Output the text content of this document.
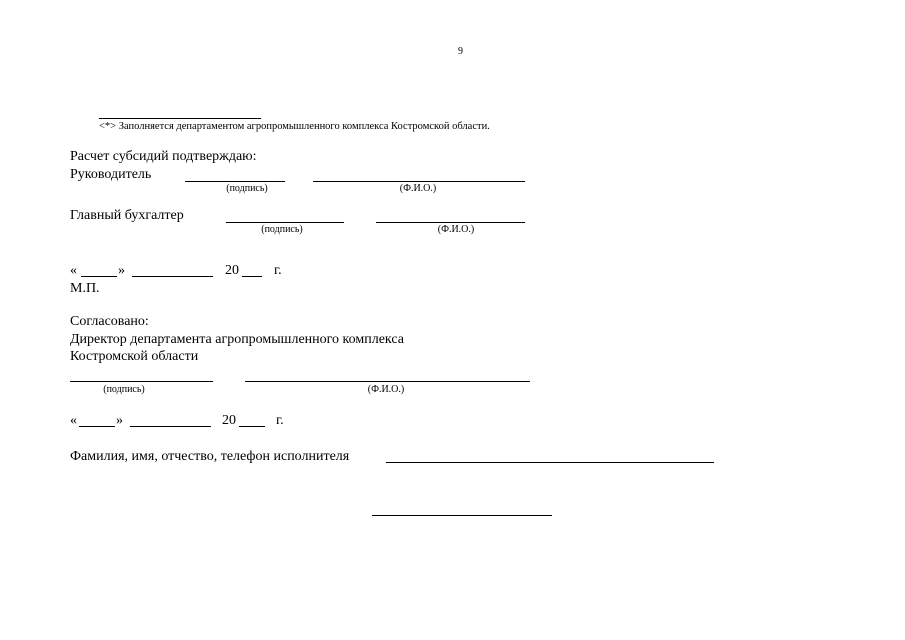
9
<*> Заполняется департаментом агропромышленного комплекса Костромской области.
Расчет субсидий подтверждаю:
Руководитель
(подпись)	(Ф.И.О.)
Главный бухгалтер
(подпись)	(Ф.И.О.)
«	»	20	г.
М.П.
Согласовано:
Директор департамента агропромышленного комплекса
Костромской области
(подпись)	(Ф.И.О.)
«	»	20	г.
Фамилия, имя, отчество, телефон исполнителя
